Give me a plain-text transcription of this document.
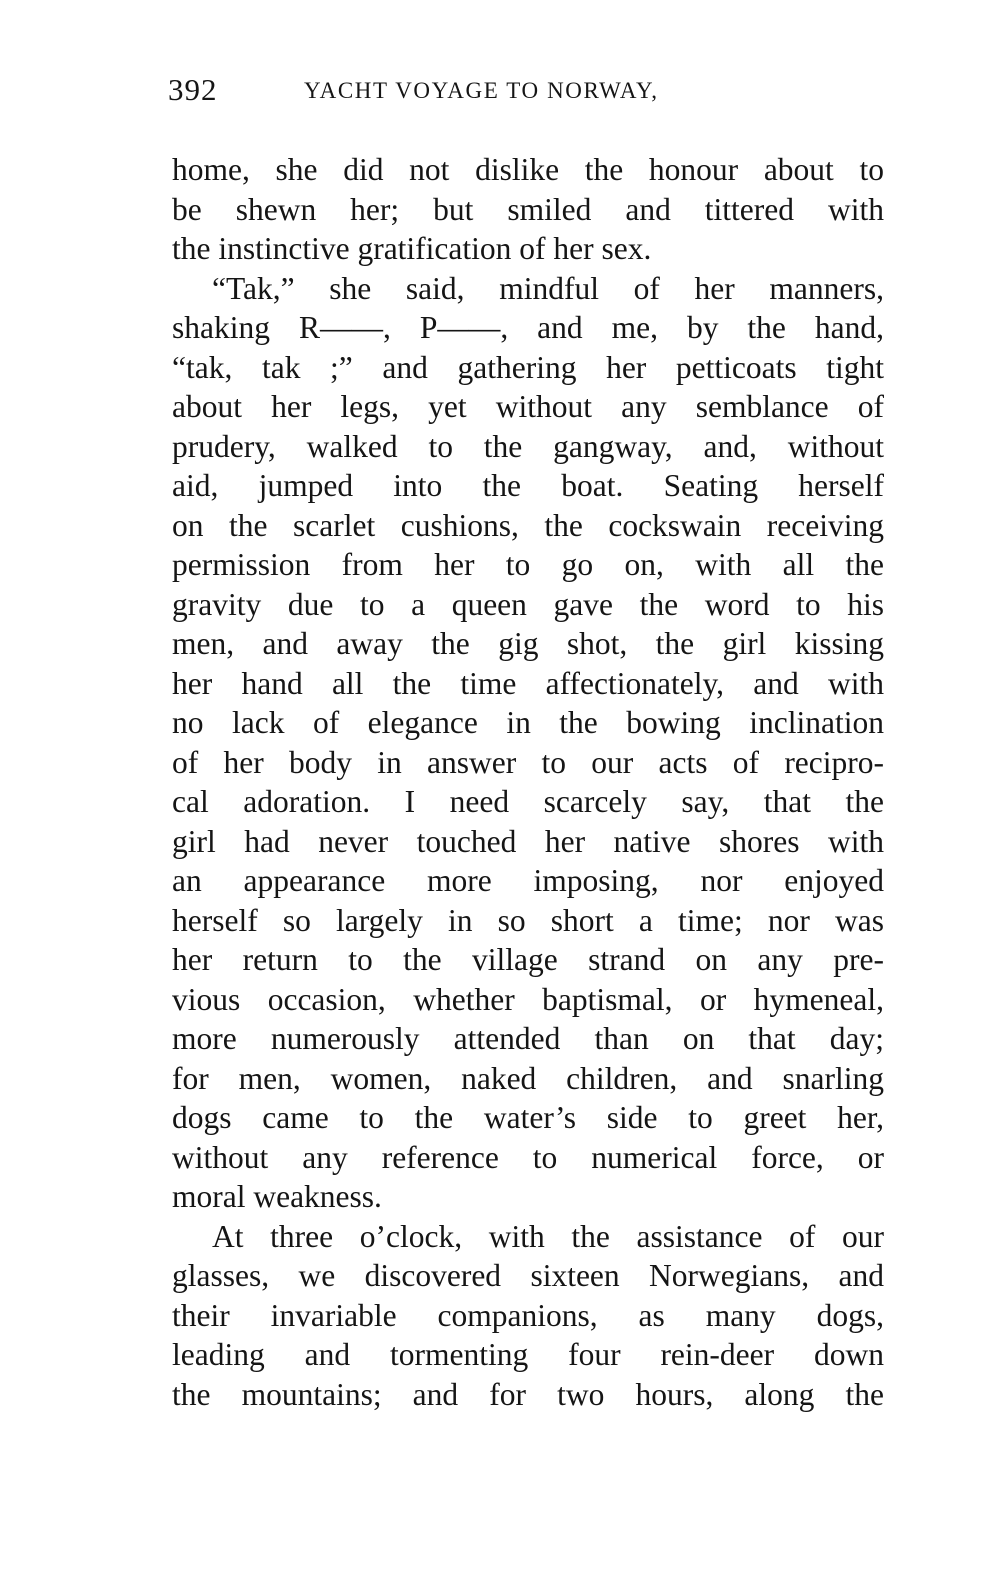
392	YACHT VOYAGE TO NORWAY,
home, she did not dislike the honour about to
be shewn her; but smiled and tittered with
the instinctive gratification of her sex.
“Tak,” she said, mindful of her manners,
shaking R——, P——, and me, by the hand,
“tak, tak ;” and gathering her petticoats tight
about her legs, yet without any semblance of
prudery, walked to the gangway, and, without
aid, jumped into the boat. Seating herself
on the scarlet cushions, the cockswain receiving
permission from her to go on, with all the
gravity due to a queen gave the word to his
men, and away the gig shot, the girl kissing
her hand all the time affectionately, and with
no lack of elegance in the bowing inclination
of her body in answer to our acts of recipro-
cal adoration. I need scarcely say, that the
girl had never touched her native shores with
an appearance more imposing, nor enjoyed
herself so largely in so short a time; nor was
her return to the village strand on any pre-
vious occasion, whether baptismal, or hymeneal,
more numerously attended than on that day;
for men, women, naked children, and snarling
dogs came to the water’s side to greet her,
without any reference to numerical force, or
moral weakness.
At three o’clock, with the assistance of our
glasses, we discovered sixteen Norwegians, and
their invariable companions, as many dogs,
leading and tormenting four rein-deer down
the mountains; and for two hours, along the
